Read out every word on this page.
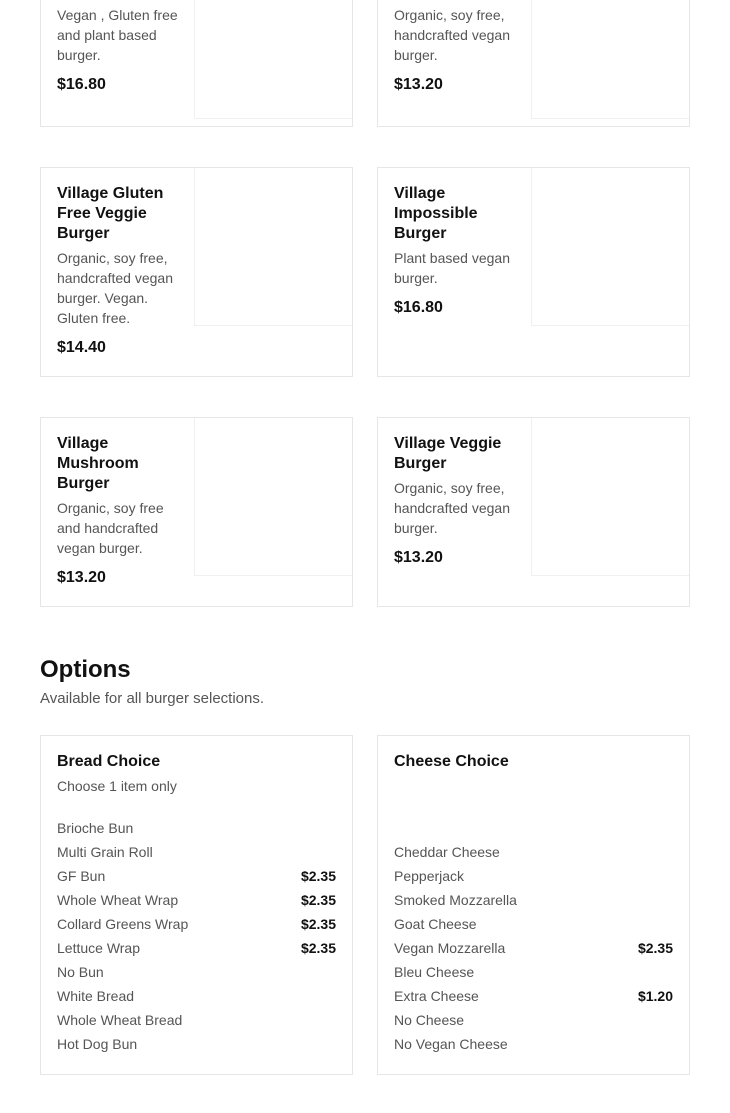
Vegan , Gluten free and plant based burger.
$16.80
Organic, soy free, handcrafted vegan burger.
$13.20
Village Gluten Free Veggie Burger
Organic, soy free, handcrafted vegan burger. Vegan. Gluten free.
$14.40
Village Impossible Burger
Plant based vegan burger.
$16.80
Village Mushroom Burger
Organic, soy free and handcrafted vegan burger.
$13.20
Village Veggie Burger
Organic, soy free, handcrafted vegan burger.
$13.20
Options
Available for all burger selections.
Bread Choice
Choose 1 item only
Brioche Bun
Multi Grain Roll
GF Bun	$2.35
Whole Wheat Wrap	$2.35
Collard Greens Wrap	$2.35
Lettuce Wrap	$2.35
No Bun
White Bread
Whole Wheat Bread
Hot Dog Bun
Cheese Choice
Cheddar Cheese
Pepperjack
Smoked Mozzarella
Goat Cheese
Vegan Mozzarella	$2.35
Bleu Cheese
Extra Cheese	$1.20
No Cheese
No Vegan Cheese
